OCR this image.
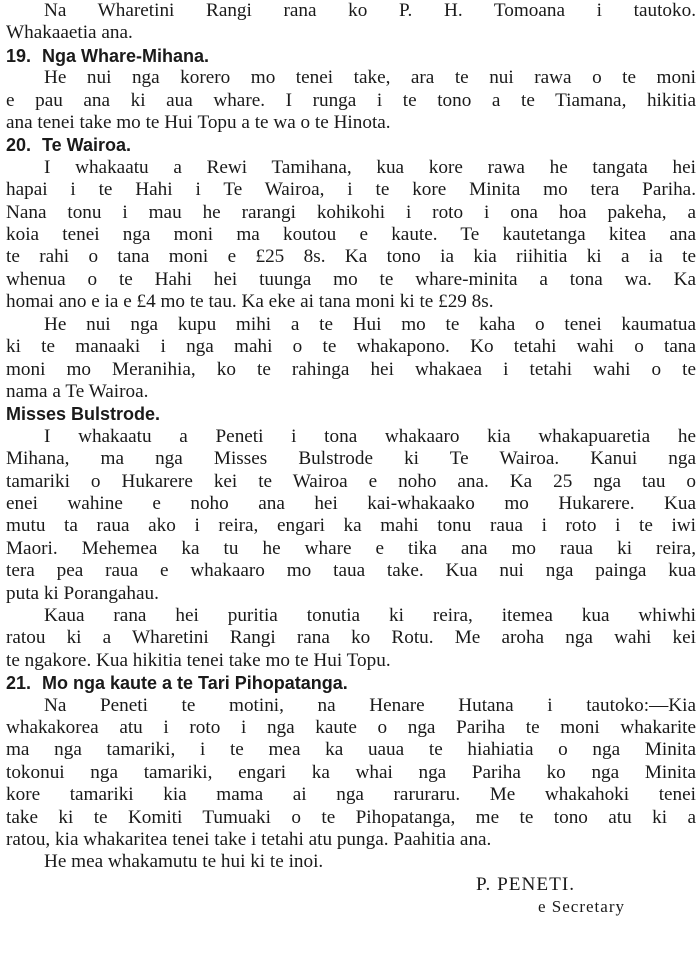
Na Wharetini Rangi rana ko P. H. Tomoana i tautoko.
Whakaaetia ana.
19. Nga Whare-Mihana.
He nui nga korero mo tenei take, ara te nui rawa o te moni
e pau ana ki aua whare. I runga i te tono a te Tiamana, hikitia
ana tenei take mo te Hui Topu a te wa o te Hinota.
20. Te Wairoa.
I whakaatu a Rewi Tamihana, kua kore rawa he tangata hei
hapai i te Hahi i Te Wairoa, i te kore Minita mo tera Pariha.
Nana tonu i mau he rarangi kohikohi i roto i ona hoa pakeha, a
koia tenei nga moni ma koutou e kaute. Te kautetanga kitea ana
te rahi o tana moni e £25 8s. Ka tono ia kia riihitia ki a ia te
whenua o te Hahi hei tuunga mo te whare-minita a tona wa. Ka
homai ano e ia e £4 mo te tau. Ka eke ai tana moni ki te £29 8s.
He nui nga kupu mihi a te Hui mo te kaha o tenei kaumatua
ki te manaaki i nga mahi o te whakapono. Ko tetahi wahi o tana
moni mo Meranihia, ko te rahinga hei whakaea i tetahi wahi o te
nama a Te Wairoa.
Misses Bulstrode.
I whakaatu a Peneti i tona whakaaro kia whakapuaretia he
Mihana, ma nga Misses Bulstrode ki Te Wairoa. Kanui nga
tamariki o Hukarere kei te Wairoa e noho ana. Ka 25 nga tau o
enei wahine e noho ana hei kai-whakaako mo Hukarere. Kua
mutu ta raua ako i reira, engari ka mahi tonu raua i roto i te iwi
Maori. Mehemea ka tu he whare e tika ana mo raua ki reira,
tera pea raua e whakaaro mo taua take. Kua nui nga painga kua
puta ki Porangahau.
Kaua rana hei puritia tonutia ki reira, itemea kua whiwhi
ratou ki a Wharetini Rangi rana ko Rotu. Me aroha nga wahi kei
te ngakore. Kua hikitia tenei take mo te Hui Topu.
21. Mo nga kaute a te Tari Pihopatanga.
Na Peneti te motini, na Henare Hutana i tautoko:—Kia
whakakorea atu i roto i nga kaute o nga Pariha te moni whakarite
ma nga tamariki, i te mea ka uaua te hiahiatia o nga Minita
tokonui nga tamariki, engari ka whai nga Pariha ko nga Minita
kore tamariki kia mama ai nga raruraru. Me whakahoki tenei
take ki te Komiti Tumuaki o te Pihopatanga, me te tono atu ki a
ratou, kia whakaritea tenei take i tetahi atu punga. Paahitia ana.
He mea whakamutu te hui ki te inoi.
P. PENETI.
e Secretary
